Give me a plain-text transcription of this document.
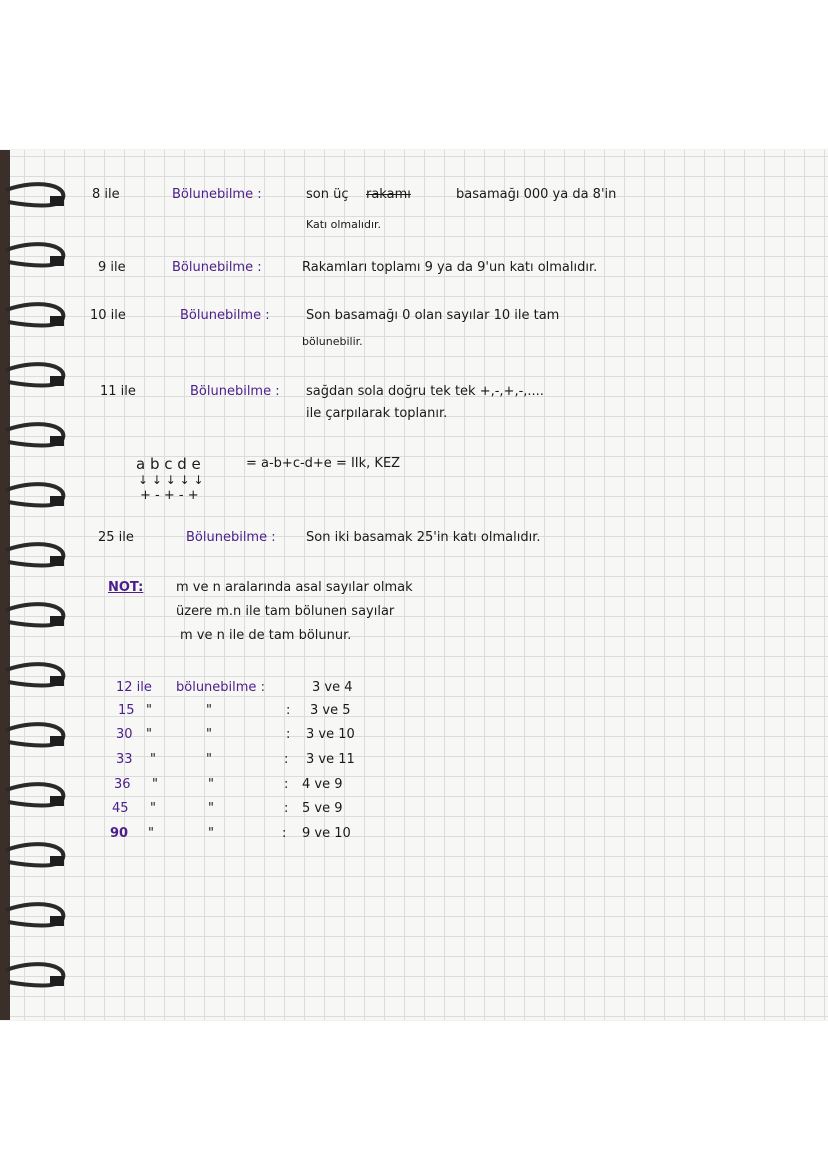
8 ile	Bölunebilme :	son üç rakamı	basamağı 000 ya da 8'in
Katı olmalıdır.
9 ile	Bölunebilme :	Rakamları toplamı 9 ya da 9'un katı olmalıdır.
10 ile	Bölunebilme :	Son basamağı 0 olan sayılar 10 ile tam
bölunebilir.
11 ile	Bölunebilme : sağdan sola doğru tek tek +,-,+,-,....
ile çarpılarak toplanır.
a b c d e
↓ ↓ ↓ ↓ ↓
+ - + - +
= a-b+c-d+e = IIk, KEZ
25 ile	Bölunebilme : Son iki basamak 25'in katı olmalıdır.
NOT:	m ve n aralarında asal sayılar olmak
üzere m.n ile tam bölunen sayılar
m ve n ile de tam bölunur.
12 ile bölunebilme :	3 ve 4
15 "	"	: 3 ve 5
30 "	"	: 3 ve 10
33 "	"	: 3 ve 11
36 "	"	: 4 ve 9
45 "	"	: 5 ve 9
90 "	"	: 9 ve 10
